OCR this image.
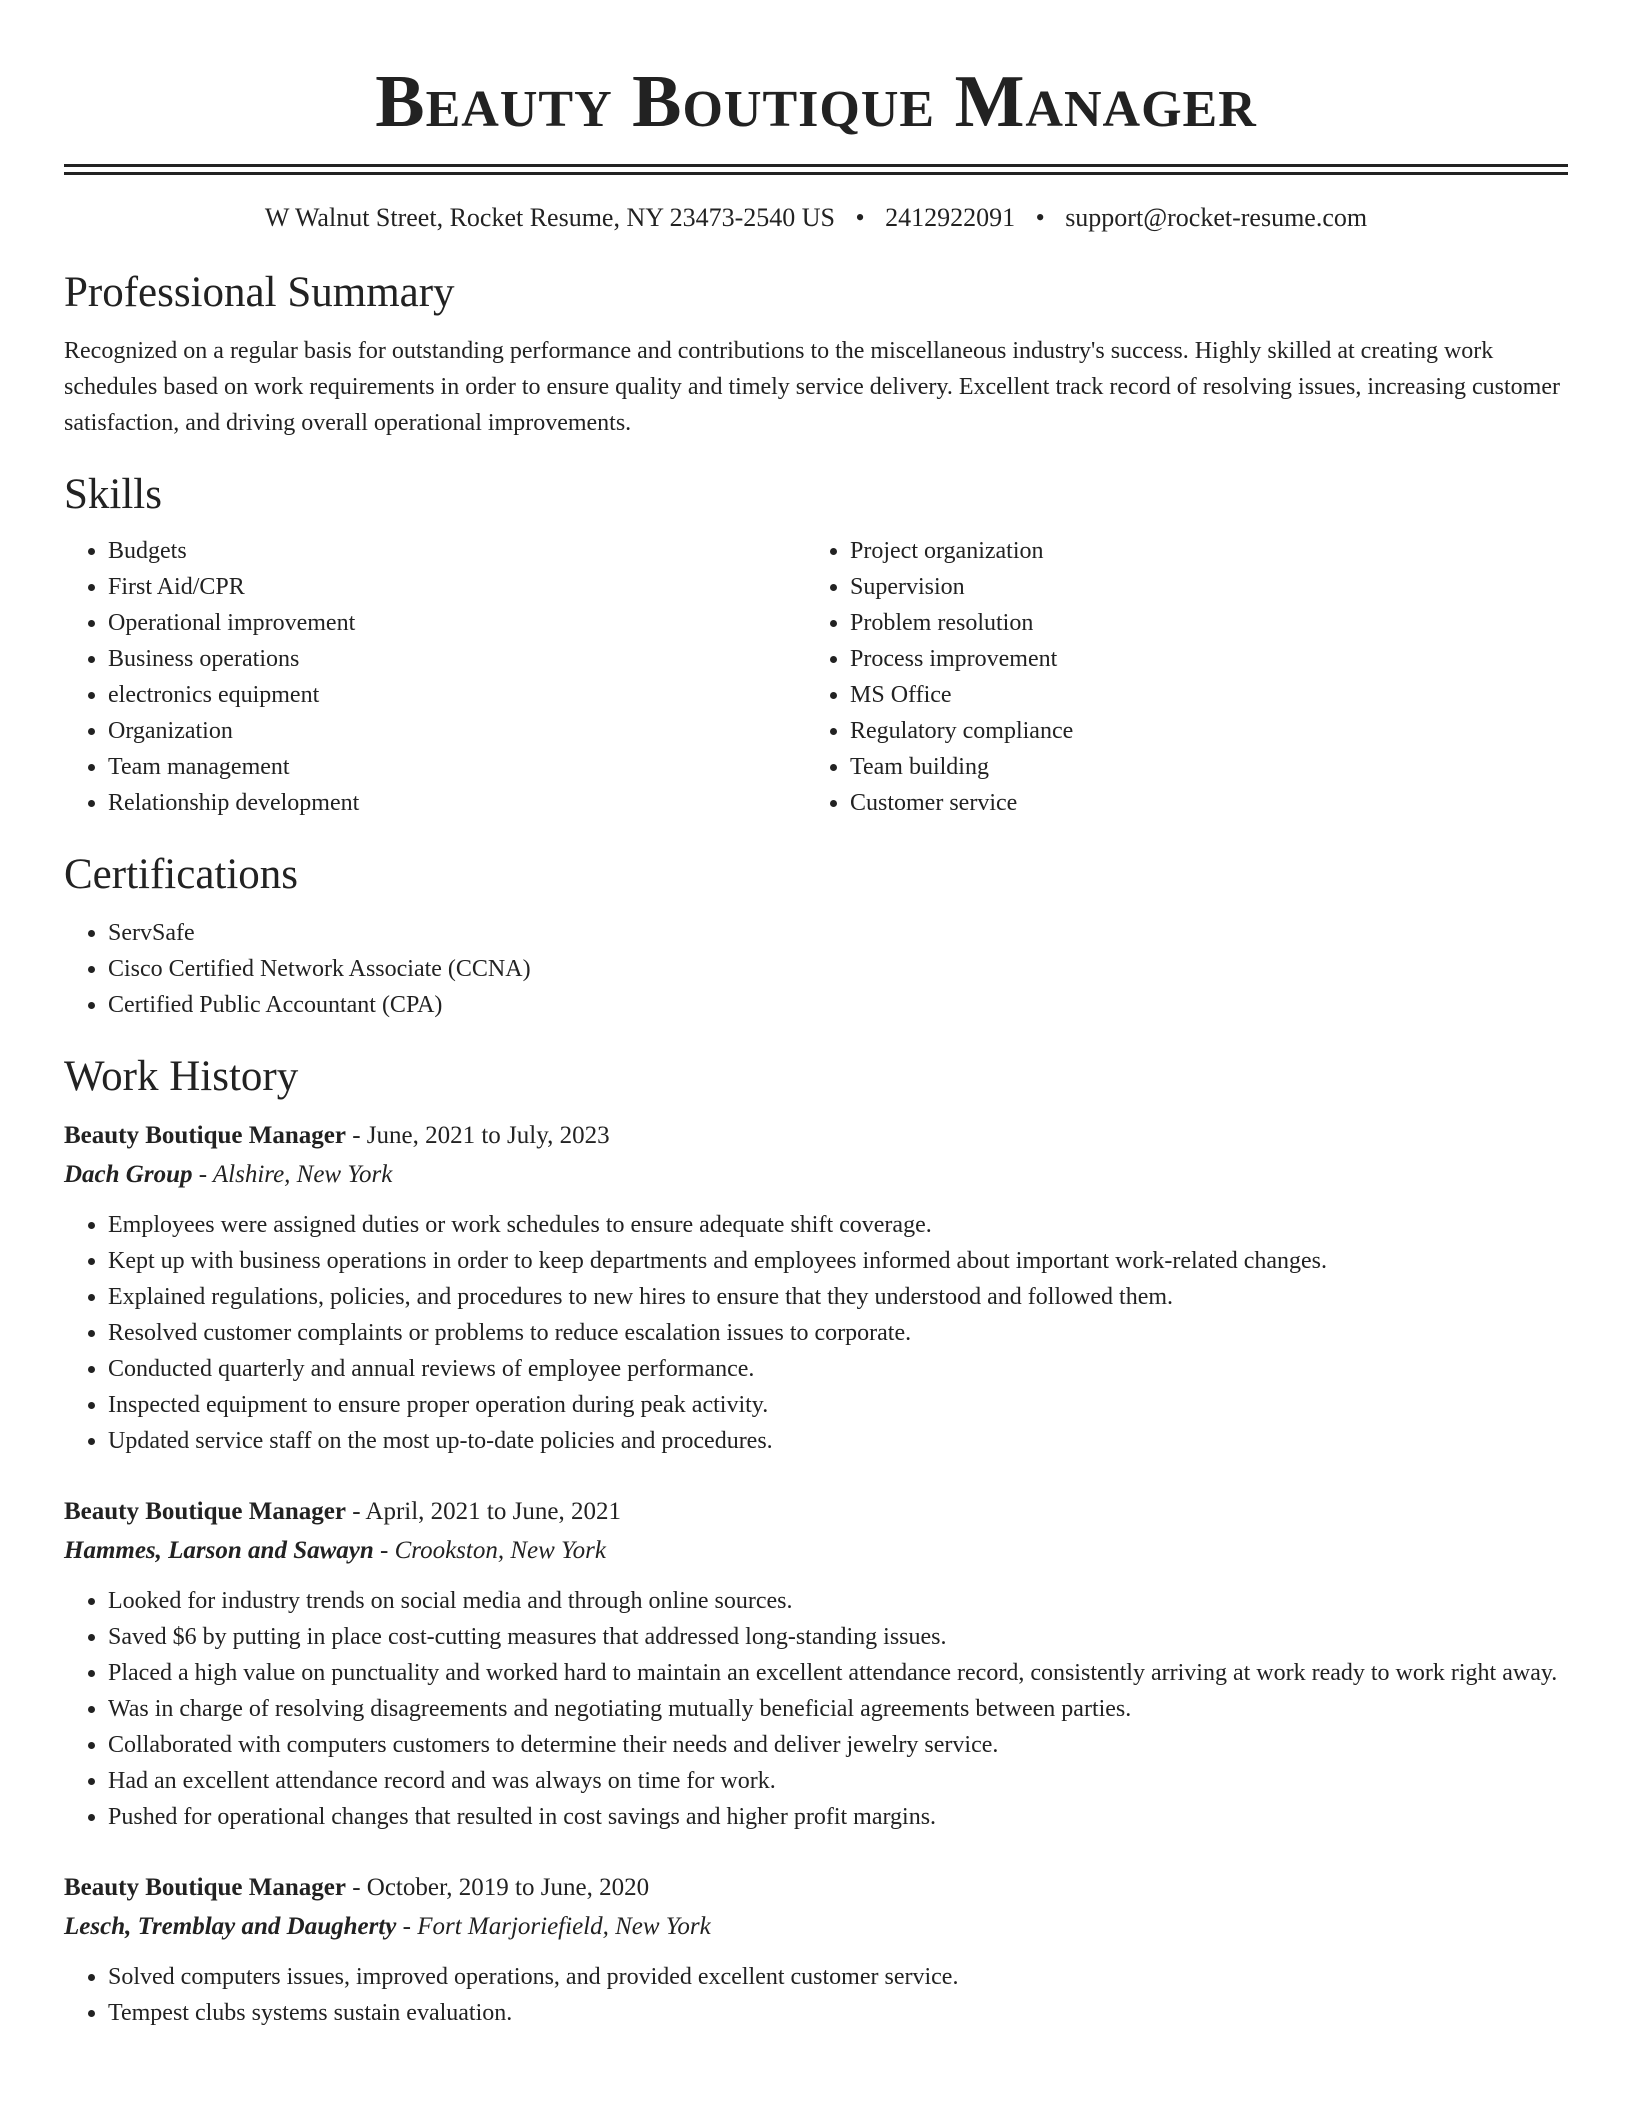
Beauty Boutique Manager
W Walnut Street, Rocket Resume, NY 23473-2540 US • 2412922091 • support@rocket-resume.com
Professional Summary
Recognized on a regular basis for outstanding performance and contributions to the miscellaneous industry's success. Highly skilled at creating work schedules based on work requirements in order to ensure quality and timely service delivery. Excellent track record of resolving issues, increasing customer satisfaction, and driving overall operational improvements.
Skills
• Budgets
• First Aid/CPR
• Operational improvement
• Business operations
• electronics equipment
• Organization
• Team management
• Relationship development
• Project organization
• Supervision
• Problem resolution
• Process improvement
• MS Office
• Regulatory compliance
• Team building
• Customer service
Certifications
• ServSafe
• Cisco Certified Network Associate (CCNA)
• Certified Public Accountant (CPA)
Work History
Beauty Boutique Manager - June, 2021 to July, 2023
Dach Group - Alshire, New York
• Employees were assigned duties or work schedules to ensure adequate shift coverage.
• Kept up with business operations in order to keep departments and employees informed about important work-related changes.
• Explained regulations, policies, and procedures to new hires to ensure that they understood and followed them.
• Resolved customer complaints or problems to reduce escalation issues to corporate.
• Conducted quarterly and annual reviews of employee performance.
• Inspected equipment to ensure proper operation during peak activity.
• Updated service staff on the most up-to-date policies and procedures.
Beauty Boutique Manager - April, 2021 to June, 2021
Hammes, Larson and Sawayn - Crookston, New York
• Looked for industry trends on social media and through online sources.
• Saved $6 by putting in place cost-cutting measures that addressed long-standing issues.
• Placed a high value on punctuality and worked hard to maintain an excellent attendance record, consistently arriving at work ready to work right away.
• Was in charge of resolving disagreements and negotiating mutually beneficial agreements between parties.
• Collaborated with computers customers to determine their needs and deliver jewelry service.
• Had an excellent attendance record and was always on time for work.
• Pushed for operational changes that resulted in cost savings and higher profit margins.
Beauty Boutique Manager - October, 2019 to June, 2020
Lesch, Tremblay and Daugherty - Fort Marjoriefield, New York
• Solved computers issues, improved operations, and provided excellent customer service.
• Tempest clubs systems sustain evaluation.
